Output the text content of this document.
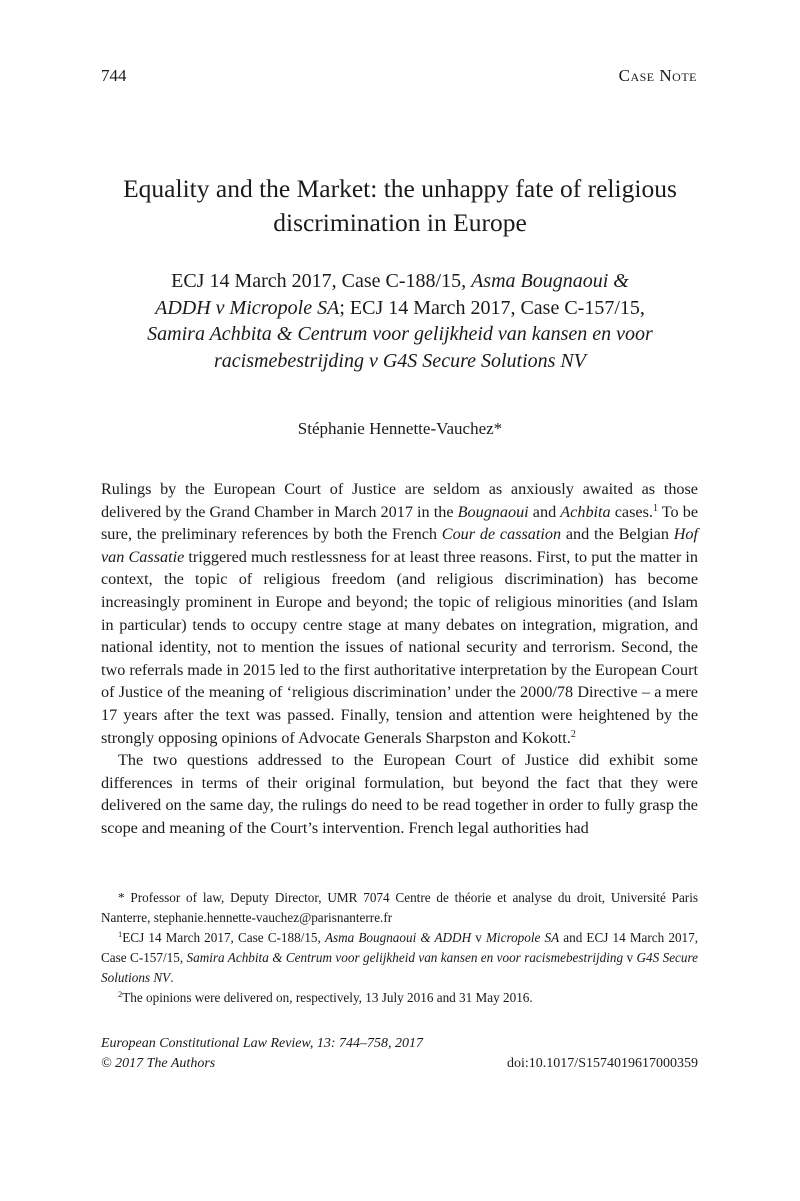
744	Case Note
Equality and the Market: the unhappy fate of religious
discrimination in Europe
ECJ 14 March 2017, Case C-188/15, Asma Bougnaoui &
ADDH v Micropole SA; ECJ 14 March 2017, Case C-157/15,
Samira Achbita & Centrum voor gelijkheid van kansen en voor
racismebestrijding v G4S Secure Solutions NV
Stéphanie Hennette-Vauchez*

Rulings by the European Court of Justice are seldom as anxiously awaited as those delivered by the Grand Chamber in March 2017 in the Bougnaoui and Achbita cases.$^1$ To be sure, the preliminary references by both the French Cour de cassation and the Belgian Hof van Cassatie triggered much restlessness for at least three reasons. First, to put the matter in context, the topic of religious freedom (and religious discrimination) has become increasingly prominent in Europe and beyond; the topic of religious minorities (and Islam in particular) tends to occupy centre stage at many debates on integration, migration, and national identity, not to mention the issues of national security and terrorism. Second, the two referrals made in 2015 led to the first authoritative interpretation by the European Court of Justice of the meaning of ‘religious discrimination’ under the 2000/78 Directive – a mere 17 years after the text was passed. Finally, tension and attention were heightened by the strongly opposing opinions of Advocate Generals Sharpston and Kokott.$^2$

The two questions addressed to the European Court of Justice did exhibit some differences in terms of their original formulation, but beyond the fact that they were delivered on the same day, the rulings do need to be read together in order to fully grasp the scope and meaning of the Court’s intervention. French legal authorities had

* Professor of law, Deputy Director, UMR 7074 Centre de théorie et analyse du droit, Université Paris Nanterre, stephanie.hennette-vauchez@parisnanterre.fr

$^1$ECJ 14 March 2017, Case C-188/15, Asma Bougnaoui & ADDH v Micropole SA and ECJ 14 March 2017, Case C-157/15, Samira Achbita & Centrum voor gelijkheid van kansen en voor racismebestrijding v G4S Secure Solutions NV.

$^2$The opinions were delivered on, respectively, 13 July 2016 and 31 May 2016.

European Constitutional Law Review, 13: 744–758, 2017
© 2017 The Authors	doi:10.1017/S1574019617000359
